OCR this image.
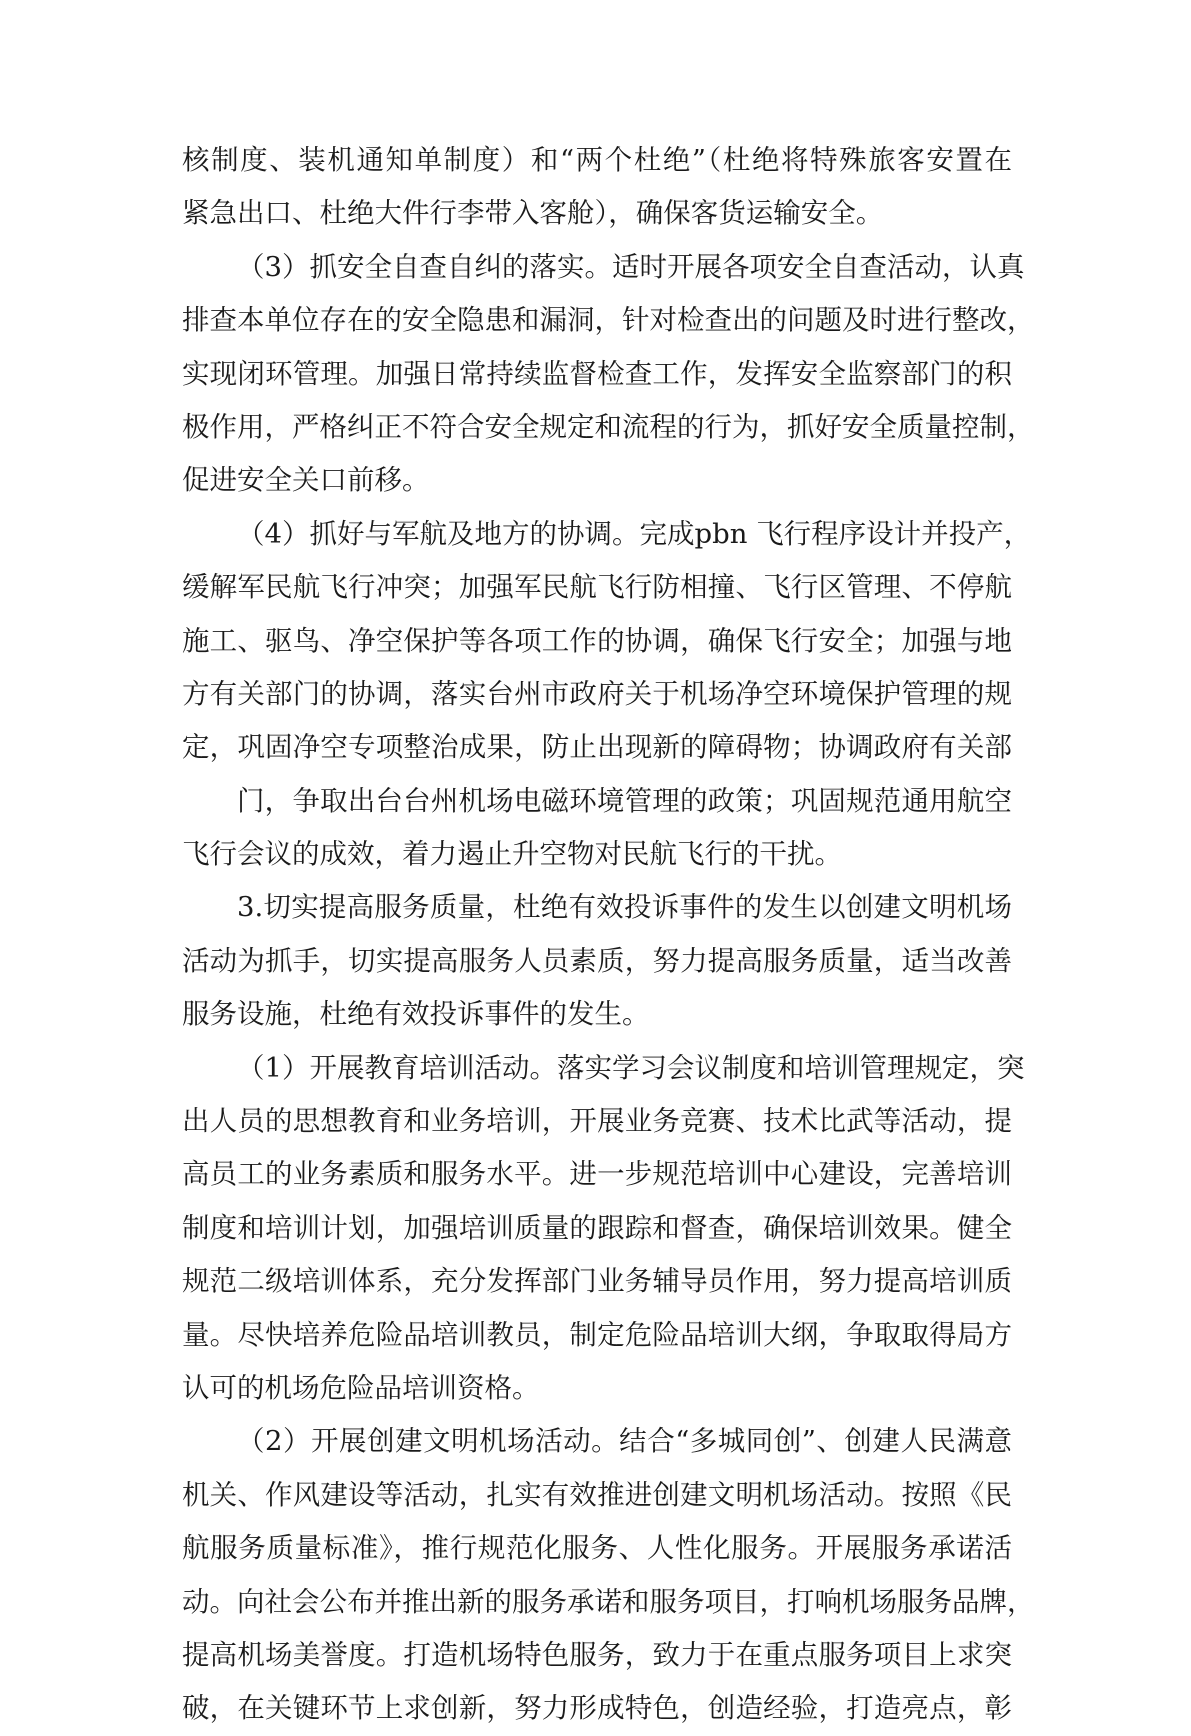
核制度、装机通知单制度）和“两个杜绝”（杜绝将特殊旅客安置在
紧急出口、杜绝大件行李带入客舱），确保客货运输安全。
（3）抓安全自查自纠的落实。适时开展各项安全自查活动，认真
排查本单位存在的安全隐患和漏洞，针对检查出的问题及时进行整改，
实现闭环管理。加强日常持续监督检查工作，发挥安全监察部门的积
极作用，严格纠正不符合安全规定和流程的行为，抓好安全质量控制，
促进安全关口前移。
（4）抓好与军航及地方的协调。完成pbn 飞行程序设计并投产，
缓解军民航飞行冲突；加强军民航飞行防相撞、飞行区管理、不停航
施工、驱鸟、净空保护等各项工作的协调，确保飞行安全；加强与地
方有关部门的协调，落实台州市政府关于机场净空环境保护管理的规
定，巩固净空专项整治成果，防止出现新的障碍物；协调政府有关部
门，争取出台台州机场电磁环境管理的政策；巩固规范通用航空
飞行会议的成效，着力遏止升空物对民航飞行的干扰。
3.切实提高服务质量，杜绝有效投诉事件的发生以创建文明机场
活动为抓手，切实提高服务人员素质，努力提高服务质量，适当改善
服务设施，杜绝有效投诉事件的发生。
（1）开展教育培训活动。落实学习会议制度和培训管理规定，突
出人员的思想教育和业务培训，开展业务竞赛、技术比武等活动，提
高员工的业务素质和服务水平。进一步规范培训中心建设，完善培训
制度和培训计划，加强培训质量的跟踪和督查，确保培训效果。健全
规范二级培训体系，充分发挥部门业务辅导员作用，努力提高培训质
量。尽快培养危险品培训教员，制定危险品培训大纲，争取取得局方
认可的机场危险品培训资格。
（2）开展创建文明机场活动。结合“多城同创”、创建人民满意
机关、作风建设等活动，扎实有效推进创建文明机场活动。按照《民
航服务质量标准》，推行规范化服务、人性化服务。开展服务承诺活
动。向社会公布并推出新的服务承诺和服务项目，打响机场服务品牌，
提高机场美誉度。打造机场特色服务，致力于在重点服务项目上求突
破，在关键环节上求创新，努力形成特色，创造经验，打造亮点，彰
